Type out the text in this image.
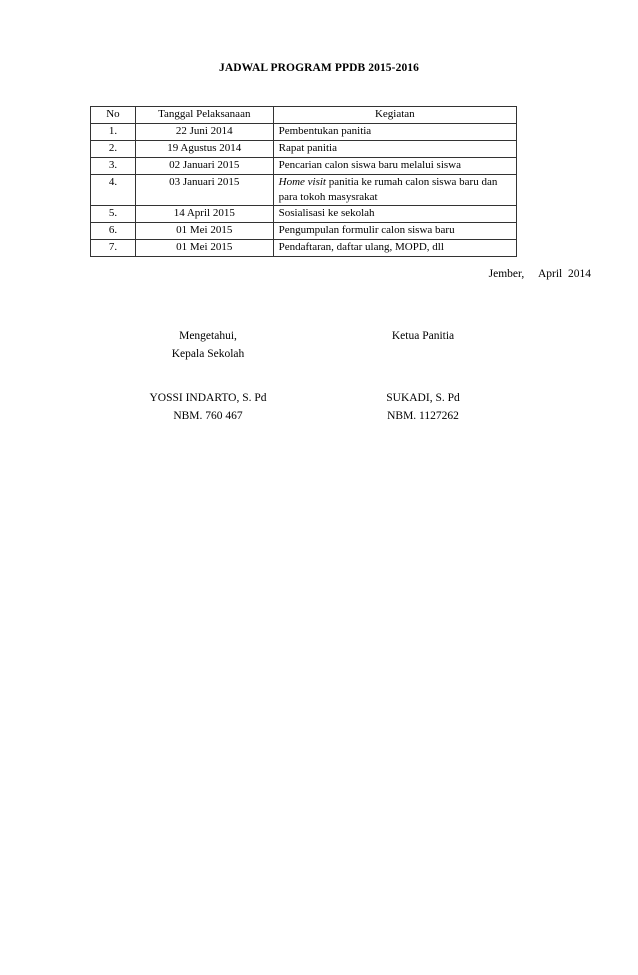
JADWAL PROGRAM PPDB 2015-2016
No	Tanggal Pelaksanaan	Kegiatan
1.	22 Juni 2014	Pembentukan panitia
2.	19 Agustus 2014	Rapat panitia
3.	02 Januari 2015	Pencarian calon siswa baru melalui siswa
4.	03 Januari 2015	Home visit panitia ke rumah calon siswa baru dan para tokoh masysrakat
5.	14 April 2015	Sosialisasi ke sekolah
6.	01 Mei 2015	Pengumpulan formulir calon siswa baru
7.	01 Mei 2015	Pendaftaran, daftar ulang, MOPD, dll
Jember,     April  2014
Mengetahui,
Kepala Sekolah
Ketua Panitia
YOSSI INDARTO, S. Pd
NBM. 760 467
SUKADI, S. Pd
NBM. 1127262
